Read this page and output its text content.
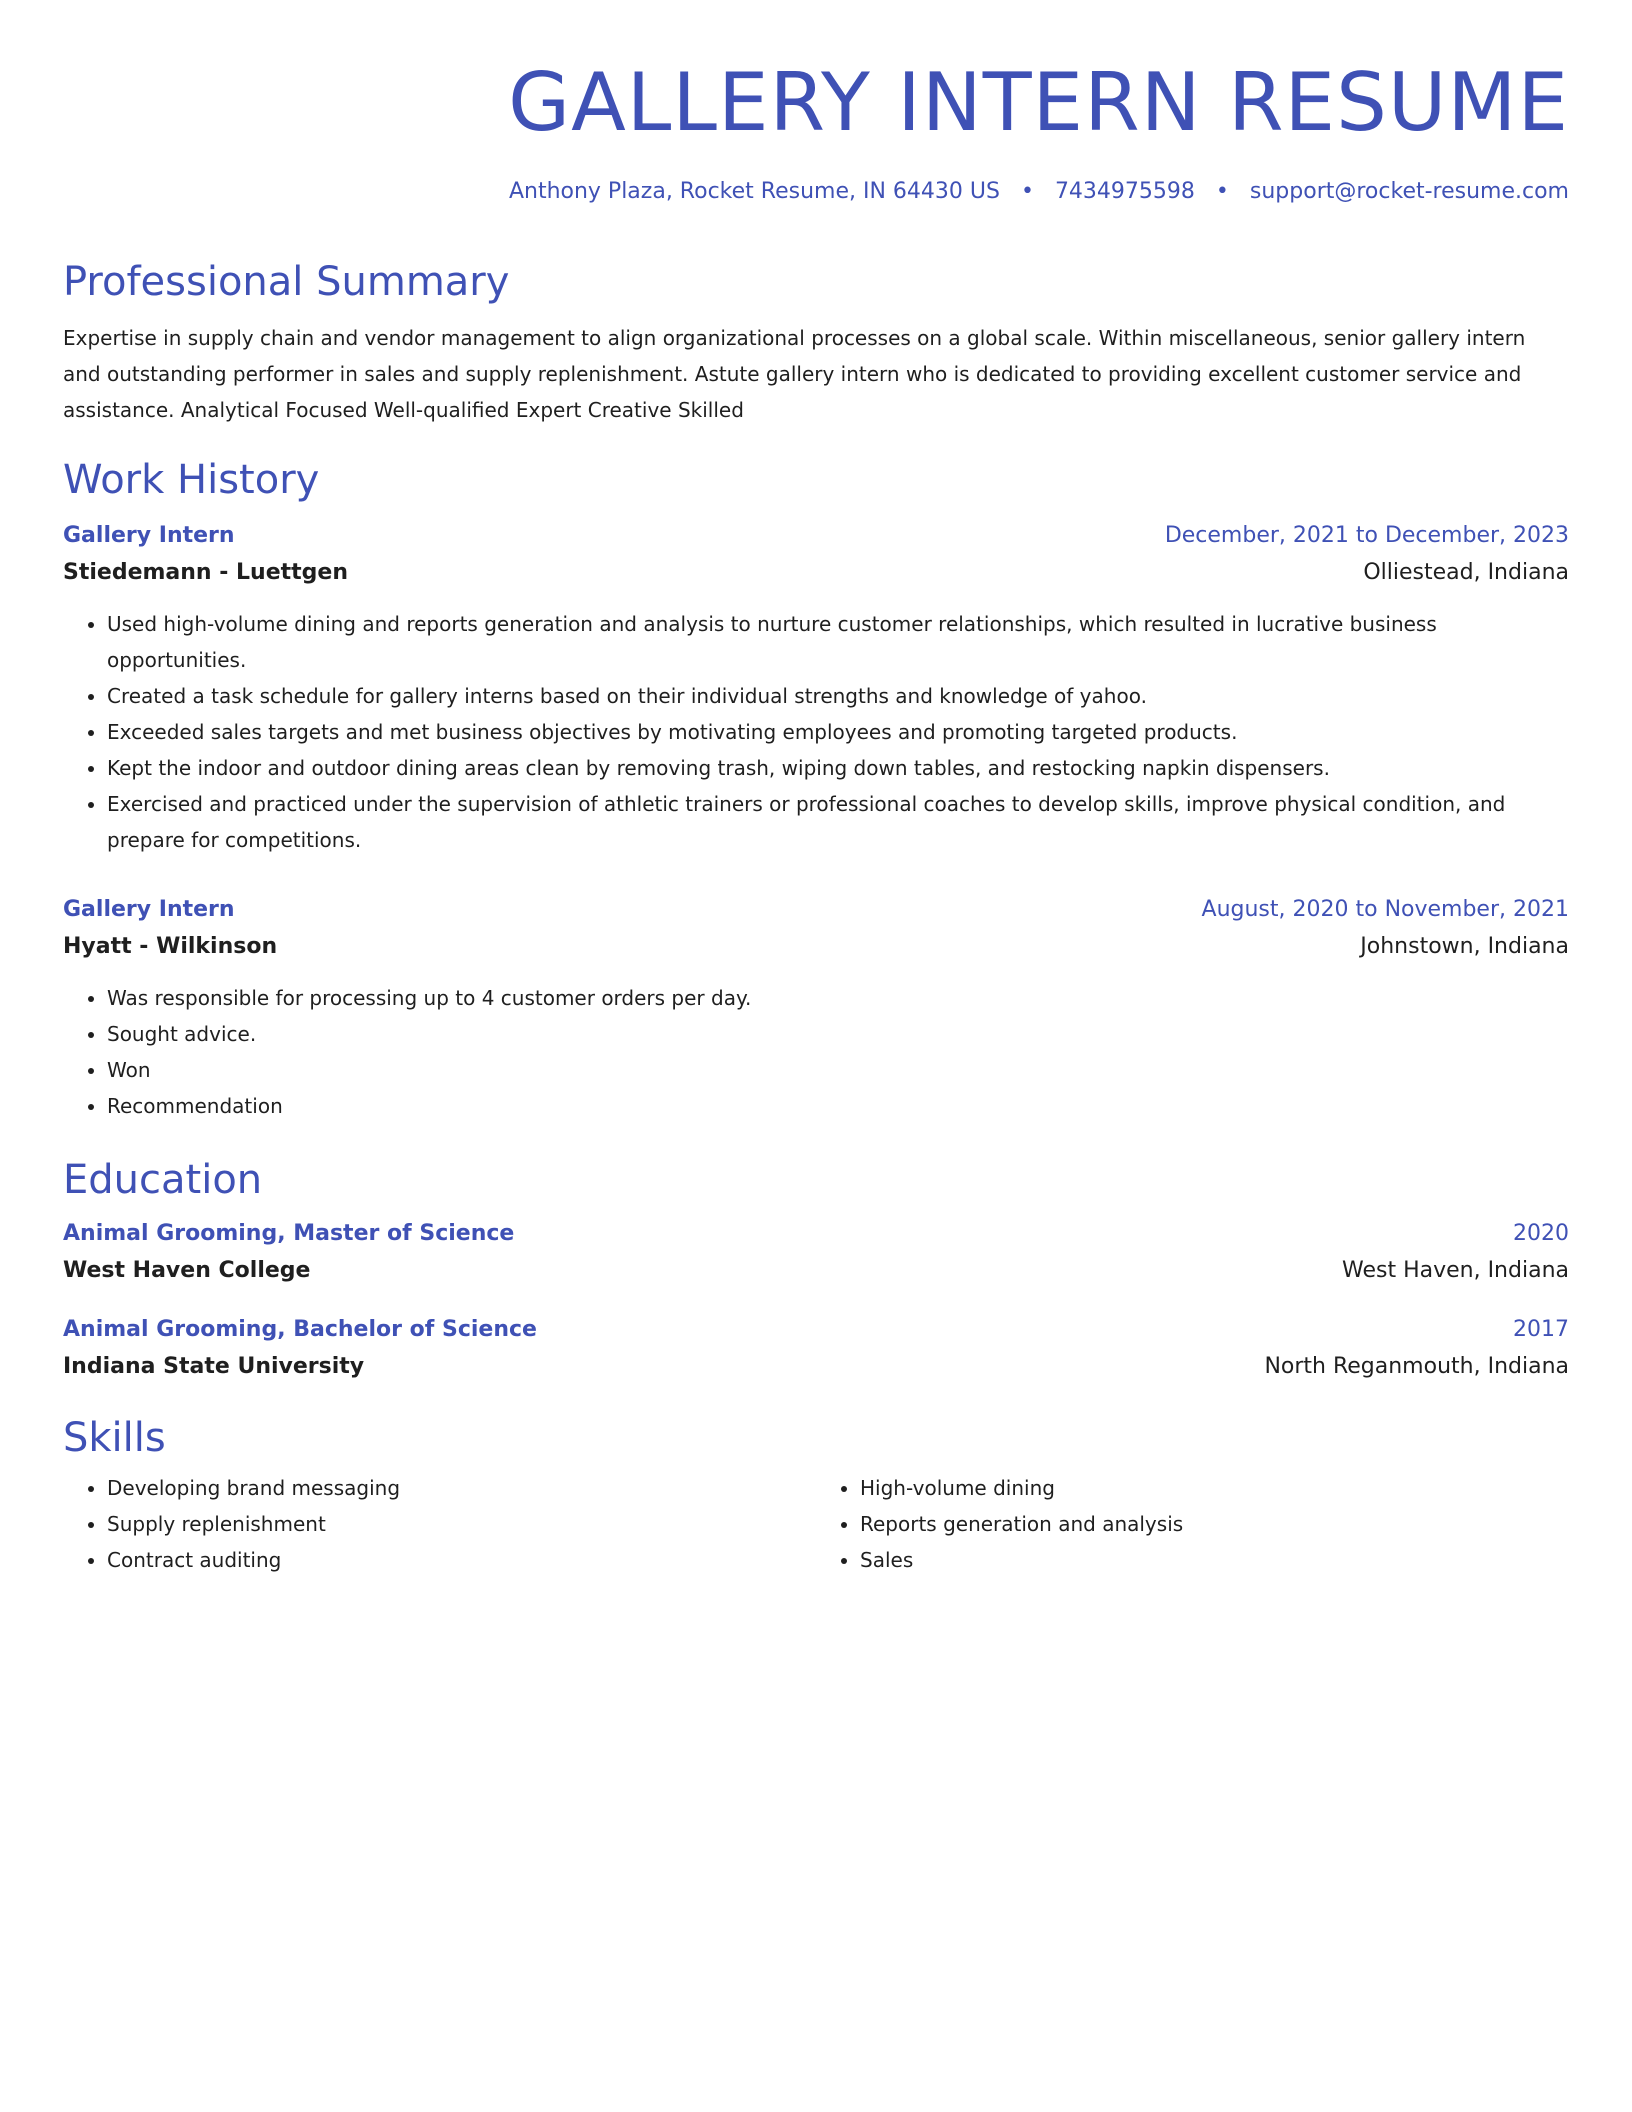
GALLERY INTERN RESUME
Anthony Plaza, Rocket Resume, IN 64430 US • 7434975598 • support@rocket-resume.com
Professional Summary
Expertise in supply chain and vendor management to align organizational processes on a global scale. Within miscellaneous, senior gallery intern and outstanding performer in sales and supply replenishment. Astute gallery intern who is dedicated to providing excellent customer service and assistance. Analytical Focused Well-qualified Expert Creative Skilled
Work History
Gallery Intern	December, 2021 to December, 2023
Stiedemann - Luettgen	Olliestead, Indiana
• Used high-volume dining and reports generation and analysis to nurture customer relationships, which resulted in lucrative business opportunities.
• Created a task schedule for gallery interns based on their individual strengths and knowledge of yahoo.
• Exceeded sales targets and met business objectives by motivating employees and promoting targeted products.
• Kept the indoor and outdoor dining areas clean by removing trash, wiping down tables, and restocking napkin dispensers.
• Exercised and practiced under the supervision of athletic trainers or professional coaches to develop skills, improve physical condition, and prepare for competitions.
Gallery Intern	August, 2020 to November, 2021
Hyatt - Wilkinson	Johnstown, Indiana
• Was responsible for processing up to 4 customer orders per day.
• Sought advice.
• Won
• Recommendation
Education
Animal Grooming, Master of Science	2020
West Haven College	West Haven, Indiana
Animal Grooming, Bachelor of Science	2017
Indiana State University	North Reganmouth, Indiana
Skills
• Developing brand messaging
• Supply replenishment
• Contract auditing
• High-volume dining
• Reports generation and analysis
• Sales
